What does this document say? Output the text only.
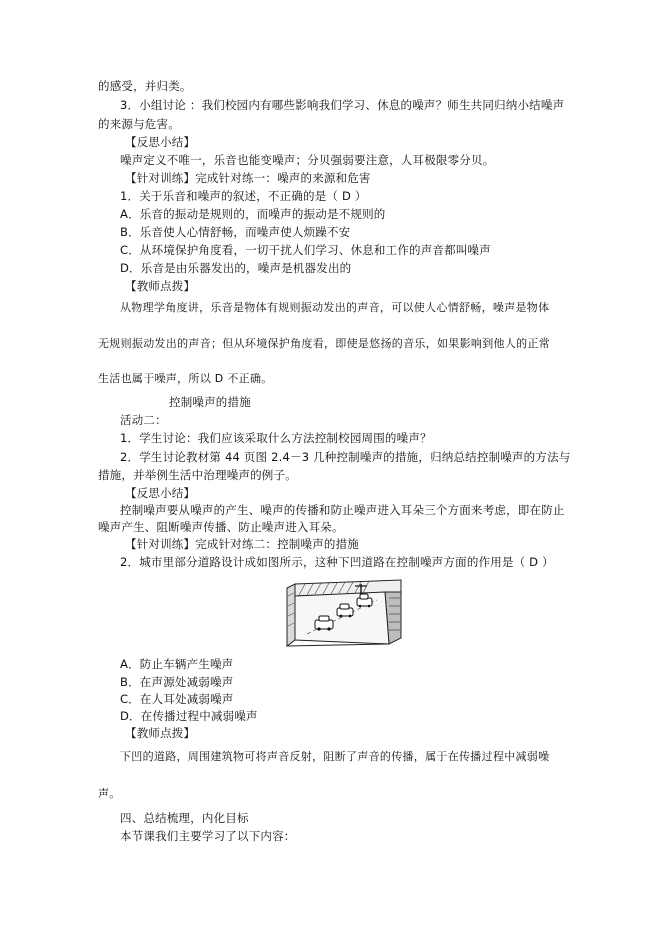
的感受，并归类。
3．小组讨论 ：我们校园内有哪些影响我们学习、休息的噪声？师生共同归纳小结噪声
的来源与危害。
【反思小结】
噪声定义不唯一，乐音也能变噪声；分贝强弱要注意，人耳极限零分贝。
【针对训练】完成针对练一：噪声的来源和危害
1．关于乐音和噪声的叙述，不正确的是（ D ）
A．乐音的振动是规则的，而噪声的振动是不规则的
B．乐音使人心情舒畅，而噪声使人烦躁不安
C．从环境保护角度看，一切干扰人们学习、休息和工作的声音都叫噪声
D．乐音是由乐器发出的，噪声是机器发出的
【教师点拨】
从物理学角度讲，乐音是物体有规则振动发出的声音，可以使人心情舒畅，噪声是物体
无规则振动发出的声音；但从环境保护角度看，即使是悠扬的音乐，如果影响到他人的正常
生活也属于噪声，所以 D 不正确。
控制噪声的措施
活动二：
1．学生讨论：我们应该采取什么方法控制校园周围的噪声？
2．学生讨论教材第 44 页图 2.4－3 几种控制噪声的措施，归纳总结控制噪声的方法与
措施，并举例生活中治理噪声的例子。
【反思小结】
控制噪声要从噪声的产生、噪声的传播和防止噪声进入耳朵三个方面来考虑，即在防止
噪声产生、阻断噪声传播、防止噪声进入耳朵。
【针对训练】完成针对练二：控制噪声的措施
2．城市里部分道路设计成如图所示，这种下凹道路在控制噪声方面的作用是（ D ）
A．防止车辆产生噪声
B．在声源处减弱噪声
C．在人耳处减弱噪声
D．在传播过程中减弱噪声
【教师点拨】
下凹的道路，周围建筑物可将声音反射，阻断了声音的传播，属于在传播过程中减弱噪
声。
四、总结梳理，内化目标
本节课我们主要学习了以下内容：
